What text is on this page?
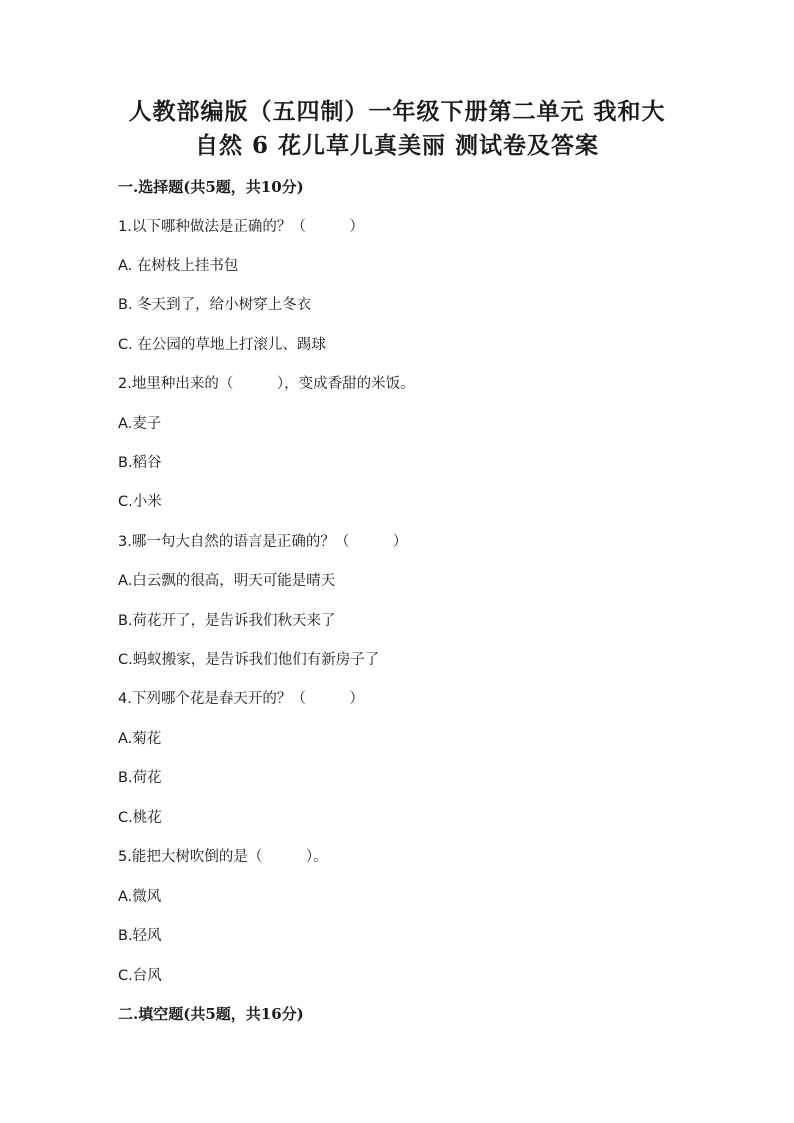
人教部编版（五四制）一年级下册第二单元 我和大
自然 6 花儿草儿真美丽 测试卷及答案
一.选择题(共5题，共10分)
1.以下哪种做法是正确的？（　　　）
A. 在树枝上挂书包
B. 冬天到了，给小树穿上冬衣
C. 在公园的草地上打滚儿、踢球
2.地里种出来的（　　　），变成香甜的米饭。
A.麦子
B.稻谷
C.小米
3.哪一句大自然的语言是正确的？（　　　）
A.白云飘的很高，明天可能是晴天
B.荷花开了，是告诉我们秋天来了
C.蚂蚁搬家，是告诉我们他们有新房子了
4.下列哪个花是春天开的？（　　　）
A.菊花
B.荷花
C.桃花
5.能把大树吹倒的是（　　　）。
A.微风
B.轻风
C.台风
二.填空题(共5题，共16分)
